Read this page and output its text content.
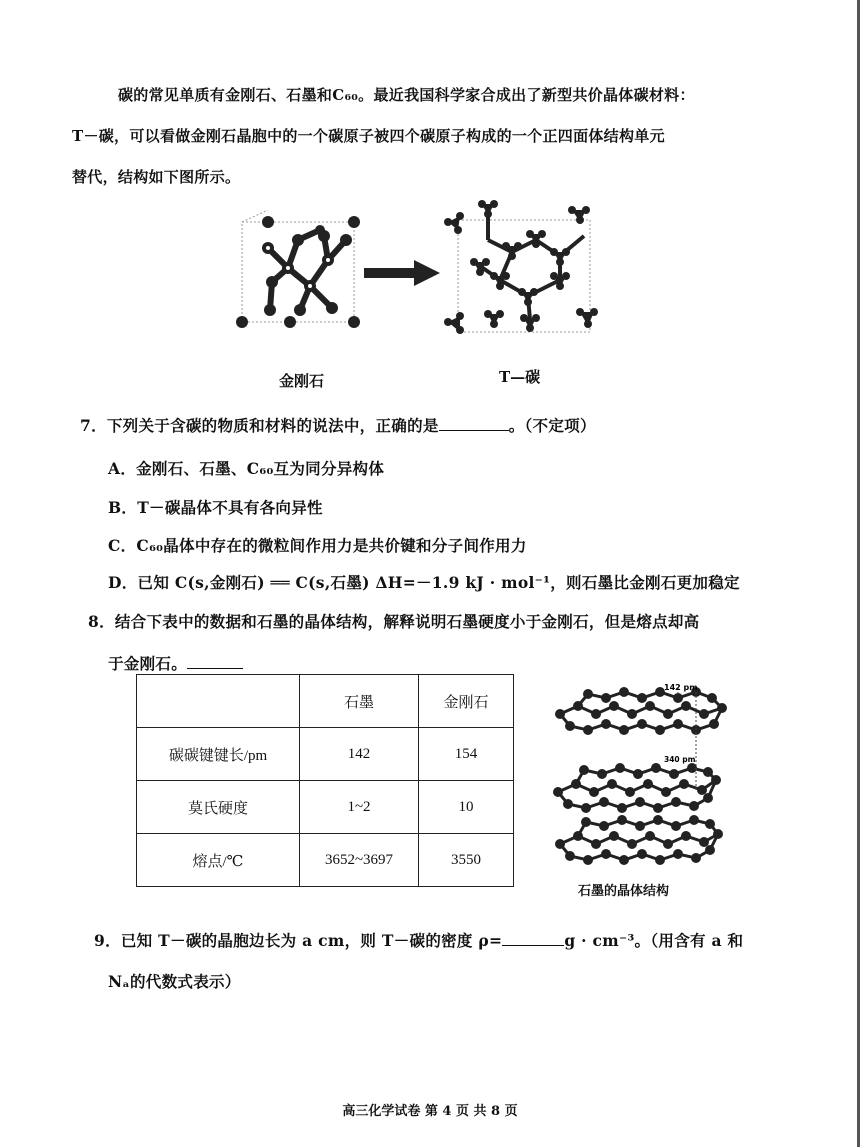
碳的常见单质有金刚石、石墨和C₆₀。最近我国科学家合成出了新型共价晶体碳材料：
T－碳，可以看做金刚石晶胞中的一个碳原子被四个碳原子构成的一个正四面体结构单元
替代，结构如下图所示。
金刚石	T—碳
7．下列关于含碳的物质和材料的说法中，正确的是	。（不定项）
A．金刚石、石墨、C₆₀互为同分异构体
B．T－碳晶体不具有各向异性
C．C₆₀晶体中存在的微粒间作用力是共价键和分子间作用力
D．已知 C(s,金刚石) ══ C(s,石墨) ΔH=－1.9 kJ · mol⁻¹，则石墨比金刚石更加稳定
8．结合下表中的数据和石墨的晶体结构，解释说明石墨硬度小于金刚石，但是熔点却高
于金刚石。
	石墨	金刚石
碳碳键键长/pm	142	154
莫氏硬度	1~2	10
熔点/℃	3652~3697	3550
142 pm
340 pm
石墨的晶体结构
9．已知 T－碳的晶胞边长为 a cm，则 T－碳的密度 ρ=	g · cm⁻³。（用含有 a 和
Nₐ的代数式表示）
高三化学试卷 第 4 页 共 8 页
